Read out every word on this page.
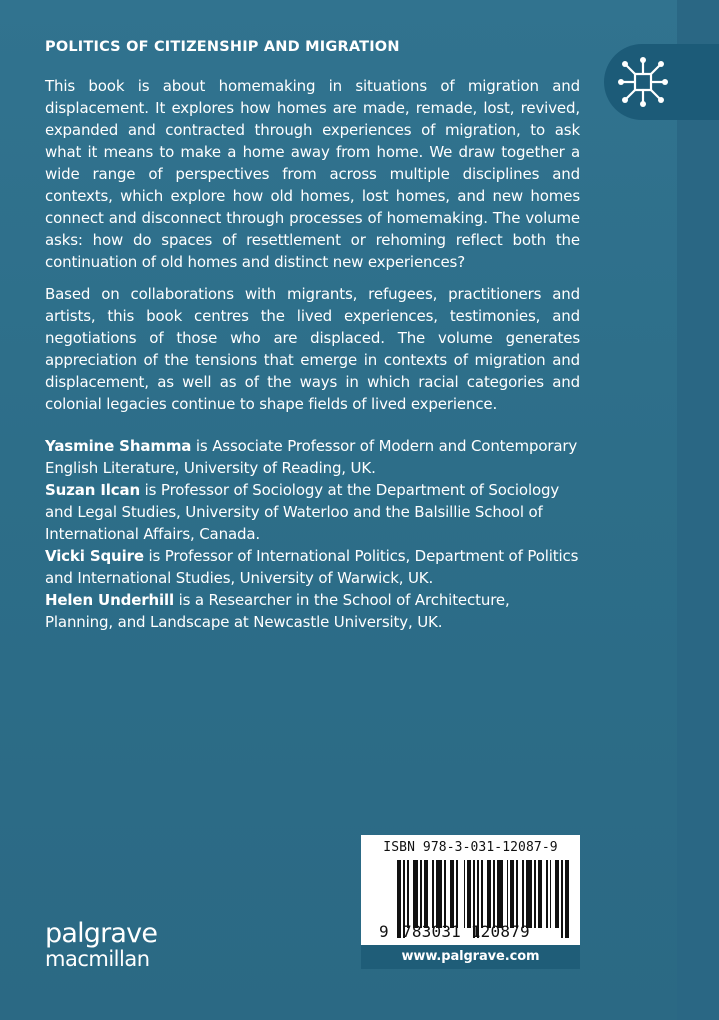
POLITICS OF CITIZENSHIP AND MIGRATION

This book is about homemaking in situations of migration and displacement. It explores how homes are made, remade, lost, revived, expanded and contracted through experiences of migration, to ask what it means to make a home away from home. We draw together a wide range of perspectives from across multiple disciplines and contexts, which explore how old homes, lost homes, and new homes connect and disconnect through processes of homemaking. The volume asks: how do spaces of resettlement or rehoming reflect both the continuation of old homes and distinct new experiences?

Based on collaborations with migrants, refugees, practitioners and artists, this book centres the lived experiences, testimonies, and negotiations of those who are displaced. The volume generates appreciation of the tensions that emerge in contexts of migration and displacement, as well as of the ways in which racial categories and colonial legacies continue to shape fields of lived experience.

Yasmine Shamma is Associate Professor of Modern and Contemporary English Literature, University of Reading, UK.

Suzan Ilcan is Professor of Sociology at the Department of Sociology and Legal Studies, University of Waterloo and the Balsillie School of International Affairs, Canada.

Vicki Squire is Professor of International Politics, Department of Politics and International Studies, University of Warwick, UK.

Helen Underhill is a Researcher in the School of Architecture, Planning, and Landscape at Newcastle University, UK.

ISBN 978-3-031-12087-9
9 783031 120879
www.palgrave.com
palgrave
macmillan
